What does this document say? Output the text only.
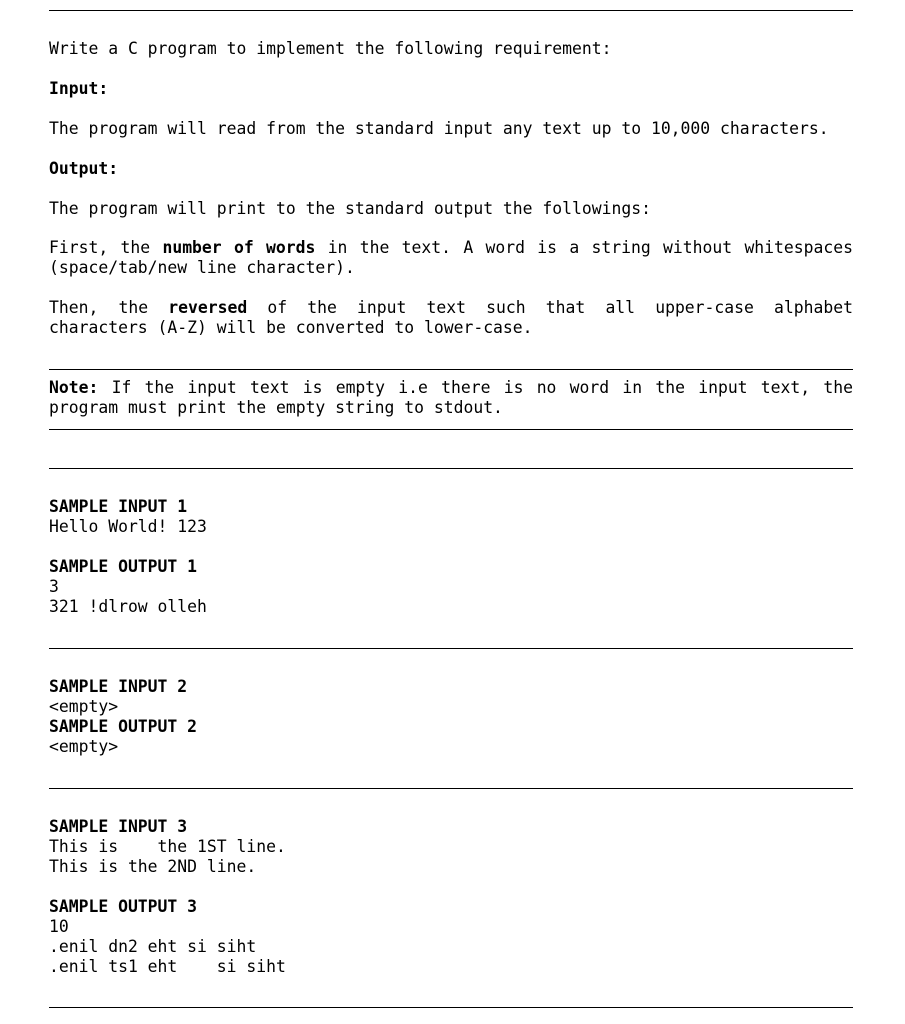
Write a C program to implement the following requirement:
Input:
The program will read from the standard input any text up to 10,000 characters.
Output:
The program will print to the standard output the followings:
First, the number of words in the text. A word is a string without whitespaces
(space/tab/new line character).
Then, the reversed of the input text such that all upper-case alphabet
characters (A-Z) will be converted to lower-case.
Note: If the input text is empty i.e there is no word in the input text, the
program must print the empty string to stdout.
SAMPLE INPUT 1
Hello World! 123
SAMPLE OUTPUT 1
3
321 !dlrow olleh
SAMPLE INPUT 2
<empty>
SAMPLE OUTPUT 2
<empty>
SAMPLE INPUT 3
This is    the 1ST line.
This is the 2ND line.
SAMPLE OUTPUT 3
10
.enil dn2 eht si siht
.enil ts1 eht    si siht
